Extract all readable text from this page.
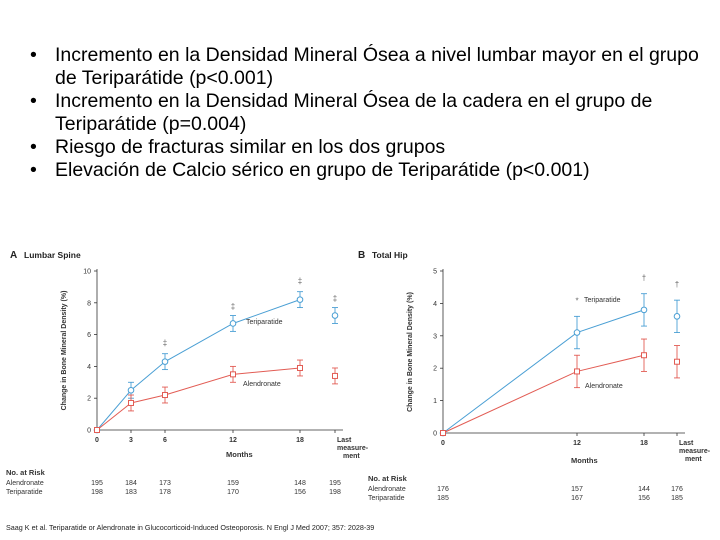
• Incremento en la Densidad Mineral Ósea a nivel lumbar mayor en el grupo de Teriparátide (p<0.001)
• Incremento en la Densidad Mineral Ósea de la cadera en el grupo de Teriparátide (p=0.004)
• Riesgo de fracturas similar en los dos grupos
• Elevación de Calcio sérico en grupo de Teriparátide (p<0.001)
A Lumbar Spine
0
2
4
6
8
10
Change in Bone Mineral Density (%)
0	3	6	12	18	Last
measure-
ment
Months
Teriparatide
Alendronate
‡
‡
‡
‡
No. at Risk
Alendronate	195	184	173	159	148	195
Teriparatide	198	183	178	170	156	198
B Total Hip
0
1
2
3
4
5
Change in Bone Mineral Density (%)
0	12	18	Last
measure-
ment
Months
Teriparatide
Alendronate
*
†
†
No. at Risk
Alendronate	176	157	144	176
Teriparatide	185	167	156	185
Saag K et al. Teriparatide or Alendronate in Glucocorticoid-Induced Osteoporosis. N Engl J Med 2007; 357: 2028-39
